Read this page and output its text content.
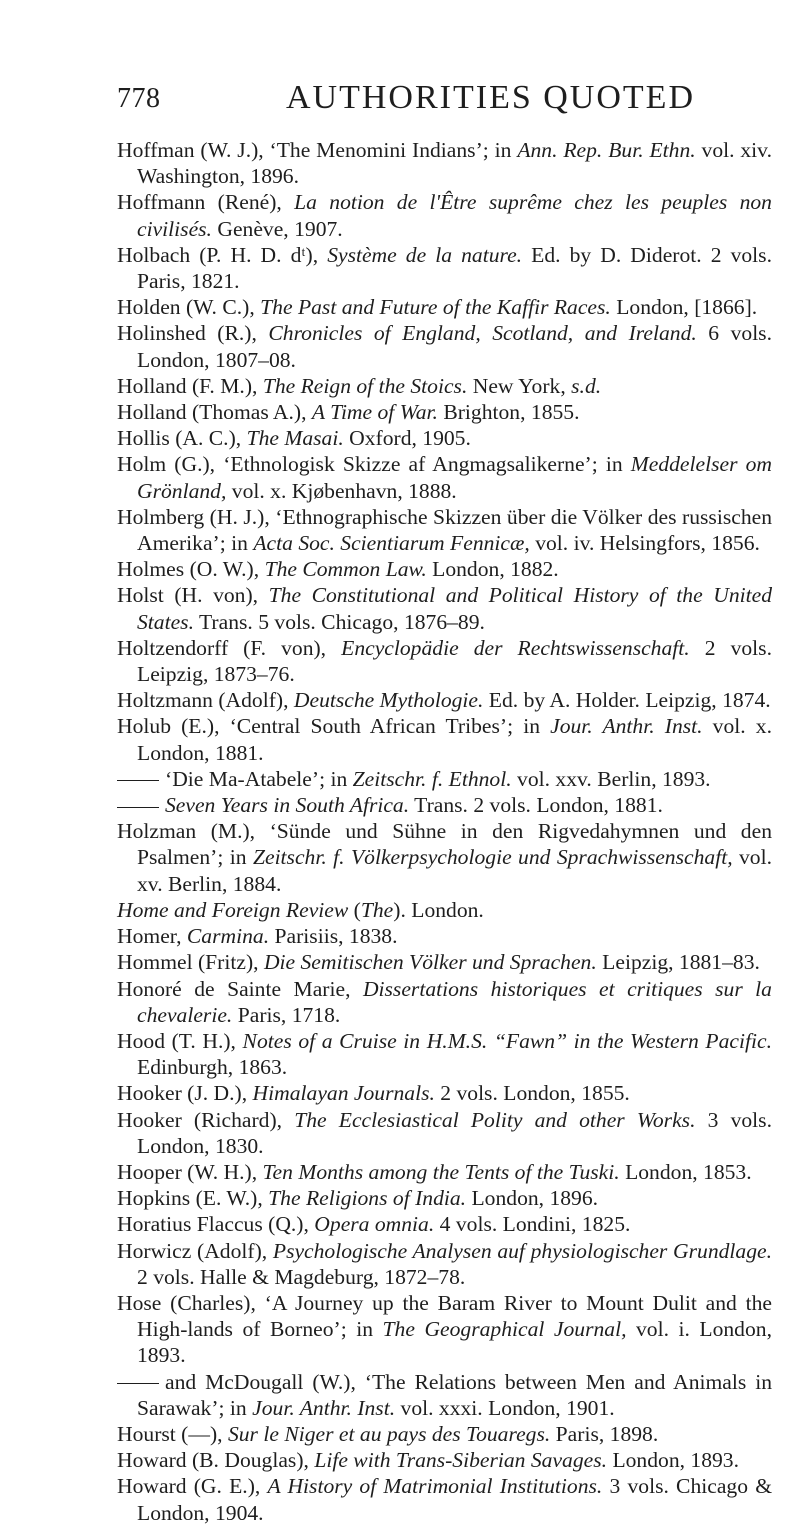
778	AUTHORITIES QUOTED
Hoffman (W. J.), ‘The Menomini Indians’; in Ann. Rep. Bur. Ethn. vol. xiv. Washington, 1896.
Hoffmann (René), La notion de l'Être suprême chez les peuples non civilisés. Genève, 1907.
Holbach (P. H. D. dᵗ), Système de la nature. Ed. by D. Diderot. 2 vols. Paris, 1821.
Holden (W. C.), The Past and Future of the Kaffir Races. London, [1866].
Holinshed (R.), Chronicles of England, Scotland, and Ireland. 6 vols. London, 1807–08.
Holland (F. M.), The Reign of the Stoics. New York, s.d.
Holland (Thomas A.), A Time of War. Brighton, 1855.
Hollis (A. C.), The Masai. Oxford, 1905.
Holm (G.), ‘Ethnologisk Skizze af Angmagsalikerne’; in Meddelelser om Grönland, vol. x. Kjøbenhavn, 1888.
Holmberg (H. J.), ‘Ethnographische Skizzen über die Völker des russischen Amerika’; in Acta Soc. Scientiarum Fennicæ, vol. iv. Helsingfors, 1856.
Holmes (O. W.), The Common Law. London, 1882.
Holst (H. von), The Constitutional and Political History of the United States. Trans. 5 vols. Chicago, 1876–89.
Holtzendorff (F. von), Encyclopädie der Rechtswissenschaft. 2 vols. Leipzig, 1873–76.
Holtzmann (Adolf), Deutsche Mythologie. Ed. by A. Holder. Leipzig, 1874.
Holub (E.), ‘Central South African Tribes’; in Jour. Anthr. Inst. vol. x. London, 1881.
‘Die Ma-Atabele’; in Zeitschr. f. Ethnol. vol. xxv. Berlin, 1893.
Seven Years in South Africa. Trans. 2 vols. London, 1881.
Holzman (M.), ‘Sünde und Sühne in den Rigvedahymnen und den Psalmen’; in Zeitschr. f. Völkerpsychologie und Sprachwissenschaft, vol. xv. Berlin, 1884.
Home and Foreign Review (The). London.
Homer, Carmina. Parisiis, 1838.
Hommel (Fritz), Die Semitischen Völker und Sprachen. Leipzig, 1881–83.
Honoré de Sainte Marie, Dissertations historiques et critiques sur la chevalerie. Paris, 1718.
Hood (T. H.), Notes of a Cruise in H.M.S. “Fawn” in the Western Pacific. Edinburgh, 1863.
Hooker (J. D.), Himalayan Journals. 2 vols. London, 1855.
Hooker (Richard), The Ecclesiastical Polity and other Works. 3 vols. London, 1830.
Hooper (W. H.), Ten Months among the Tents of the Tuski. London, 1853.
Hopkins (E. W.), The Religions of India. London, 1896.
Horatius Flaccus (Q.), Opera omnia. 4 vols. Londini, 1825.
Horwicz (Adolf), Psychologische Analysen auf physiologischer Grundlage. 2 vols. Halle & Magdeburg, 1872–78.
Hose (Charles), ‘A Journey up the Baram River to Mount Dulit and the High-lands of Borneo’; in The Geographical Journal, vol. i. London, 1893.
and McDougall (W.), ‘The Relations between Men and Animals in Sarawak’; in Jour. Anthr. Inst. vol. xxxi. London, 1901.
Hourst (—), Sur le Niger et au pays des Touaregs. Paris, 1898.
Howard (B. Douglas), Life with Trans-Siberian Savages. London, 1893.
Howard (G. E.), A History of Matrimonial Institutions. 3 vols. Chicago & London, 1904.
